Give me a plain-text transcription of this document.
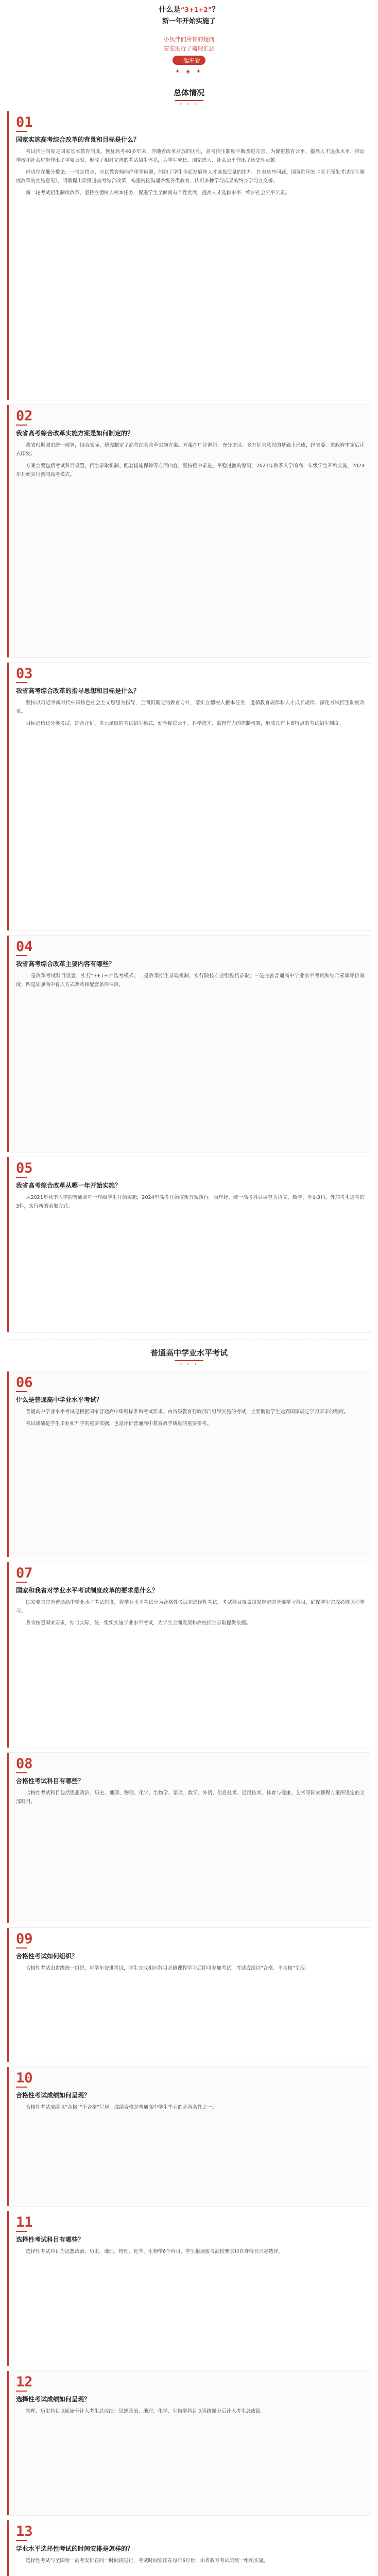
什么是“3+1+2”？
新一年开始实施了
小伙伴们所有的疑问
安安进行了梳理汇总
一起来看
✦ ◈ ✦
总体情况
• • •
01
国家实施高考综合改革的背景和目标是什么？

考试招生制度是国家基本教育制度。恢复高考40多年来，伴随着改革开放的历程，高考招生制度不断改进完善，为促进教育公平、提高人才选拔水平、推动学校和社会进步作出了重要贡献，形成了相对完善的考试招生体系，为学生成长、国家选人、社会公平作出了历史性贡献。

但也存在唯分数论、一考定终身、应试教育倾向严重等问题，制约了学生全面发展和人才选拔质量的提升。针对这些问题，国务院印发《关于深化考试招生制度改革的实施意见》，明确提出要推进高考综合改革，构建衔接沟通各级各类教育、认可多种学习成果的终身学习立交桥。

新一轮考试招生制度改革，坚持立德树人根本任务，促进学生全面而有个性发展，提高人才选拔水平，维护社会公平公正。

02
我省高考综合改革实施方案是如何制定的？

我省根据国家统一部署，结合实际，研究制定了高考综合改革实施方案。方案在广泛调研、充分论证、多方征求意见的基础上形成，经省委、省政府审定后正式印发。

方案主要包括考试科目设置、招生录取机制、配套措施保障等方面内容，坚持稳中求进、平稳过渡的原则，2021年秋季入学的高一年级学生开始实施，2024年开始实行新的高考模式。

03
我省高考综合改革的指导思想和目标是什么？

坚持以习近平新时代中国特色社会主义思想为指导，全面贯彻党的教育方针，落实立德树人根本任务，遵循教育规律和人才成长规律，深化考试招生制度改革。

目标是构建分类考试、综合评价、多元录取的考试招生模式，健全促进公平、科学选才、监督有力的体制机制，形成具有本省特点的考试招生制度。

04
我省高考综合改革主要内容有哪些？

一是改革考试科目设置，实行“3+1+2”选考模式；二是改革招生录取机制，实行院校专业组投档录取；三是完善普通高中学业水平考试和综合素质评价制度；四是加强高中育人方式改革和配套条件保障。

05
我省高考综合改革从哪一年开始实施？

从2021年秋季入学的普通高中一年级学生开始实施，2024年高考开始按新方案执行。当年起，统一高考科目调整为语文、数学、外语3科，外加考生选考的3科，实行新的录取方式。

普通高中学业水平考试
• • •
06
什么是普通高中学业水平考试？

普通高中学业水平考试是根据国家普通高中课程标准和考试要求，由省级教育行政部门组织实施的考试，主要衡量学生达到国家规定学习要求的程度。

考试成绩是学生毕业和升学的重要依据，也是评价普通高中教育教学质量的重要参考。

07
国家和我省对学业水平考试制度改革的要求是什么？

国家要求完善普通高中学业水平考试制度，将学业水平考试分为合格性考试和选择性考试，考试科目覆盖国家规定的全部学习科目，确保学生完成必修课程学习。

我省按照国家要求，结合实际，统一组织实施学业水平考试，为学生全面发展和高校招生录取提供依据。

08
合格性考试科目有哪些？

合格性考试科目包括思想政治、历史、地理、物理、化学、生物学、语文、数学、外语、信息技术、通用技术、体育与健康、艺术等国家课程方案所设定的全部科目。

09
合格性考试如何组织？

合格性考试由省级统一组织，每学年安排考试，学生完成相应科目必修课程学习后即可参加考试，考试成绩以“合格、不合格”呈现。

10
合格性考试成绩如何呈现？

合格性考试成绩以“合格”“不合格”呈现，成绩合格是普通高中学生毕业的必备条件之一。

11
选择性考试科目有哪些？

选择性考试科目为思想政治、历史、地理、物理、化学、生物学6个科目，学生根据报考高校要求和自身特长兴趣选择。

12
选择性考试成绩如何呈现？

物理、历史科目以原始分计入考生总成绩；思想政治、地理、化学、生物学科目以等级赋分后计入考生总成绩。

13
学业水平选择性考试的时间安排是怎样的？

选择性考试与全国统一高考安排在同一时间段进行，考试时间安排在每年6月份，由省教育考试院统一组织实施。
